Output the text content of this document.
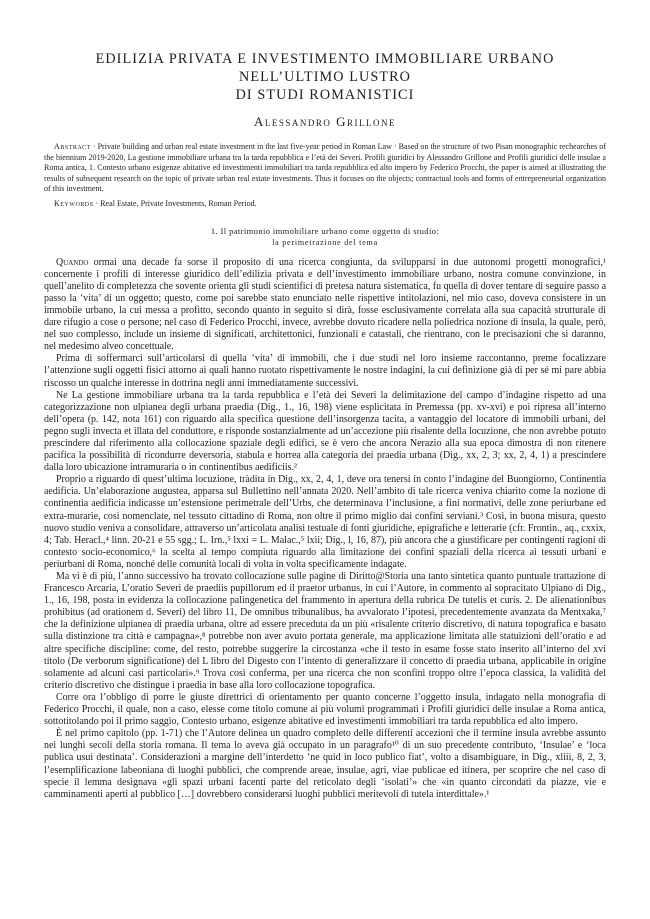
EDILIZIA PRIVATA E INVESTIMENTO IMMOBILIARE URBANO
NELL’ULTIMO LUSTRO
DI STUDI ROMANISTICI
Alessandro Grillone

Abstract · Private building and urban real estate investment in the last five-year period in Roman Law · Based on the structure of two Pisan monographic rechearches of the biennium 2019-2020, La gestione immobiliare urbana tra la tarda repubblica e l’età dei Severi. Profili giuridici by Alessandro Grillone and Profili giuridici delle insulae a Roma antica, 1. Contesto urbano esigenze abitative ed investimenti immobiliari tra tarda repubblica ed alto impero by Federico Procchi, the paper is aimed at illustrating the results of subsequent research on the topic of private urban real estate investments. Thus it focuses on the objects; contractual tools and forms of entrepreneurial organization of this investment.

Keywords · Real Estate, Private Investments, Roman Period.

1. Il patrimonio immobiliare urbano come oggetto di studio:
la perimetrazione del tema

Quando ormai una decade fa sorse il proposito di una ricerca congiunta, da svilupparsi in due autonomi progetti monografici,¹ concernente i profili di interesse giuridico dell’edilizia privata e dell’investimento immobiliare urbano, nostra comune convinzione, in quell’anelito di completezza che sovente orienta gli studi scientifici di pretesa natura sistematica, fu quella di dover tentare di seguire passo a passo la ‘vita’ di un oggetto; questo, come poi sarebbe stato enunciato nelle rispettive intitolazioni, nel mio caso, doveva consistere in un immobile urbano, la cui messa a profitto, secondo quanto in seguito si dirà, fosse esclusivamente correlata alla sua capacità strutturale di dare rifugio a cose o persone; nel caso di Federico Procchi, invece, avrebbe dovuto ricadere nella poliedrica nozione di insula, la quale, però, nel suo complesso, include un insieme di significati, architettonici, funzionali e catastali, che rientrano, con le precisazioni che si daranno, nel medesimo alveo concettuale.

Prima di soffermarci sull’articolarsi di quella ‘vita’ di immobili, che i due studi nel loro insieme raccontanno, preme focalizzare l’attenzione sugli oggetti fisici attorno ai quali hanno ruotato rispettivamente le nostre indagini, la cui definizione già di per sé mi pare abbia riscosso un qualche interesse in dottrina negli anni immediatamente successivi.

Ne La gestione immobiliare urbana tra la tarda repubblica e l’età dei Severi la delimitazione del campo d’indagine rispetto ad una categorizzazione non ulpianea degli urbana praedia (Dig., 1., 16, 198) viene esplicitata in Premessa (pp. xv-xvi) e poi ripresa all’interno dell’opera (p. 142, nota 161) con riguardo alla specifica questione dell’insorgenza tacita, a vantaggio del locatore di immobili urbani, del pegno sugli invecta et illata del conduttore, e risponde sostanzialmente ad un’accezione più risalente della locuzione, che non avrebbe potuto prescindere dal riferimento alla collocazione spaziale degli edifici, se è vero che ancora Nerazio alla sua epoca dimostra di non ritenere pacifica la possibilità di ricondurre deversoria, stabula e horrea alla categoria dei praedia urbana (Dig., xx, 2, 3; xx, 2, 4, 1) a prescindere dalla loro ubicazione intramuraria o in continentibus aedificiis.²

Proprio a riguardo di quest’ultima locuzione, tràdita in Dig., xx, 2, 4, 1, deve ora tenersi in conto l’indagine del Buongiorno, Continentia aedificia. Un’elaborazione augustea, apparsa sul Bullettino nell’annata 2020. Nell’ambito di tale ricerca veniva chiarito come la nozione di continentia aedificia indicasse un’estensione perimetrale dell’Urbs, che determinava l’inclusione, a fini normativi, delle zone periurbane ed extra-murarie, così nomenclate, nel tessuto cittadino di Roma, non oltre il primo miglio dai confini serviani.³ Così, in buona misura, questo nuovo studio veniva a consolidare, attraverso un’articolata analisi testuale di fonti giuridiche, epigrafiche e letterarie (cfr. Frontin., aq., cxxix, 4; Tab. Heracl.,⁴ linn. 20-21 e 55 sgg.; L. Irn.,⁵ lxxi = L. Malac.,⁵ lxii; Dig., l, 16, 87), più ancora che a giustificare per contingenti ragioni di contesto socio-economico,⁶ la scelta al tempo compiuta riguardo alla limitazione dei confini spaziali della ricerca ai tessuti urbani e periurbani di Roma, nonché delle comunità locali di volta in volta specificamente indagate.

Ma vi è di più, l’anno successivo ha trovato collocazione sulle pagine di Diritto@Storia una tanto sintetica quanto puntuale trattazione di Francesco Arcaria, L’oratio Severi de praediis pupillorum ed il praetor urbanus, in cui l’Autore, in commento al sopracitato Ulpiano di Dig., 1., 16, 198, posta in evidenza la collocazione palingenetica del frammento in apertura della rubrica De tutelis et curis. 2. De alienationibus prohibitus (ad orationem d. Severi) del libro 11, De omnibus tribunalibus, ha avvalorato l’ipotesi, precedentemente avanzata da Mentxaka,⁷ che la definizione ulpianea di praedia urbana, oltre ad essere preceduta da un più «risalente criterio discretivo, di natura topografica e basato sulla distinzione tra città e campagna»,⁸ potrebbe non aver avuto portata generale, ma applicazione limitata alle statuizioni dell’oratio e ad altre specifiche discipline: come, del resto, potrebbe suggerire la circostanza «che il testo in esame fosse stato inserito all’interno del xvi titolo (De verborum significatione) del L libro del Digesto con l’intento di generalizzare il concetto di praedia urbana, applicabile in origine solamente ad alcuni casi particolari».⁹ Trova così conferma, per una ricerca che non sconfini troppo oltre l’epoca classica, la validità del criterio discretivo che distingue i praedia in base alla loro collocazione topografica.

Corre ora l’obbligo di porre le giuste direttrici di orientamento per quanto concerne l’oggetto insula, indagato nella monografia di Federico Procchi, il quale, non a caso, elesse come titolo comune ai più volumi programmati i Profili giuridici delle insulae a Roma antica, sottotitolando poi il primo saggio, Contesto urbano, esigenze abitative ed investimenti immobiliari tra tarda repubblica ed alto impero.

È nel primo capitolo (pp. 1-71) che l’Autore delinea un quadro completo delle differenti accezioni che il termine insula avrebbe assunto nei lunghi secoli della storia romana. Il tema lo aveva già occupato in un paragrafo¹⁰ di un suo precedente contributo, ‘Insulae’ e ‘loca publica usui destinata’. Considerazioni a margine dell’interdetto ‘ne quid in loco publico fiat’, volto a disambiguare, in Dig., xliii, 8, 2, 3, l’esemplificazione labeoniana di luoghi pubblici, che comprende areae, insulae, agri, viae publicae ed itinera, per scoprire che nel caso di specie il lemma designava «gli spazi urbani facenti parte del reticolato degli ‘isolati’» che «in quanto circondati da piazze, vie e camminamenti aperti al pubblico […] dovrebbero considerarsi luoghi pubblici meritevoli di tutela interdittale».¹
